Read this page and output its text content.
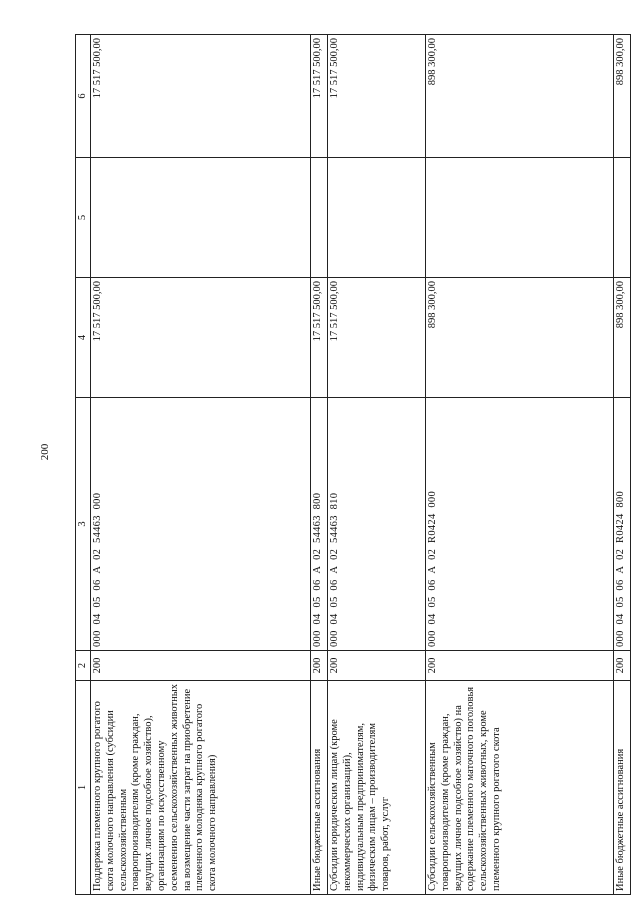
200
1	2	3	4	5	6
Поддержка племенного крупного рогатого скота молочного направления (субсидии сельскохозяйственным товаропроизводителям (кроме граждан, ведущих личное подсобное хозяйство), организациям по искусственному осеменению сельскохозяйственных животных на возмещение части затрат на приобретение племенного молодняка крупного рогатого скота молочного направления)	200	000  04  05  06  А  02  54463  000	17 517 500,00		17 517 500,00
Иные бюджетные ассигнования	200	000  04  05  06  А  02  54463  800	17 517 500,00		17 517 500,00
Субсидии юридическим лицам (кроме некоммерческих организаций), индивидуальным предпринимателям, физическим лицам – производителям товаров, работ, услуг	200	000  04  05  06  А  02  54463  810	17 517 500,00		17 517 500,00
Субсидии сельскохозяйственным товаропроизводителям (кроме граждан, ведущих личное подсобное хозяйство) на содержание племенного маточного поголовья сельскохозяйственных животных, кроме племенного крупного рогатого скота	200	000  04  05  06  А  02  R0424  000	898 300,00		898 300,00
Иные бюджетные ассигнования	200	000  04  05  06  А  02  R0424  800	898 300,00		898 300,00
